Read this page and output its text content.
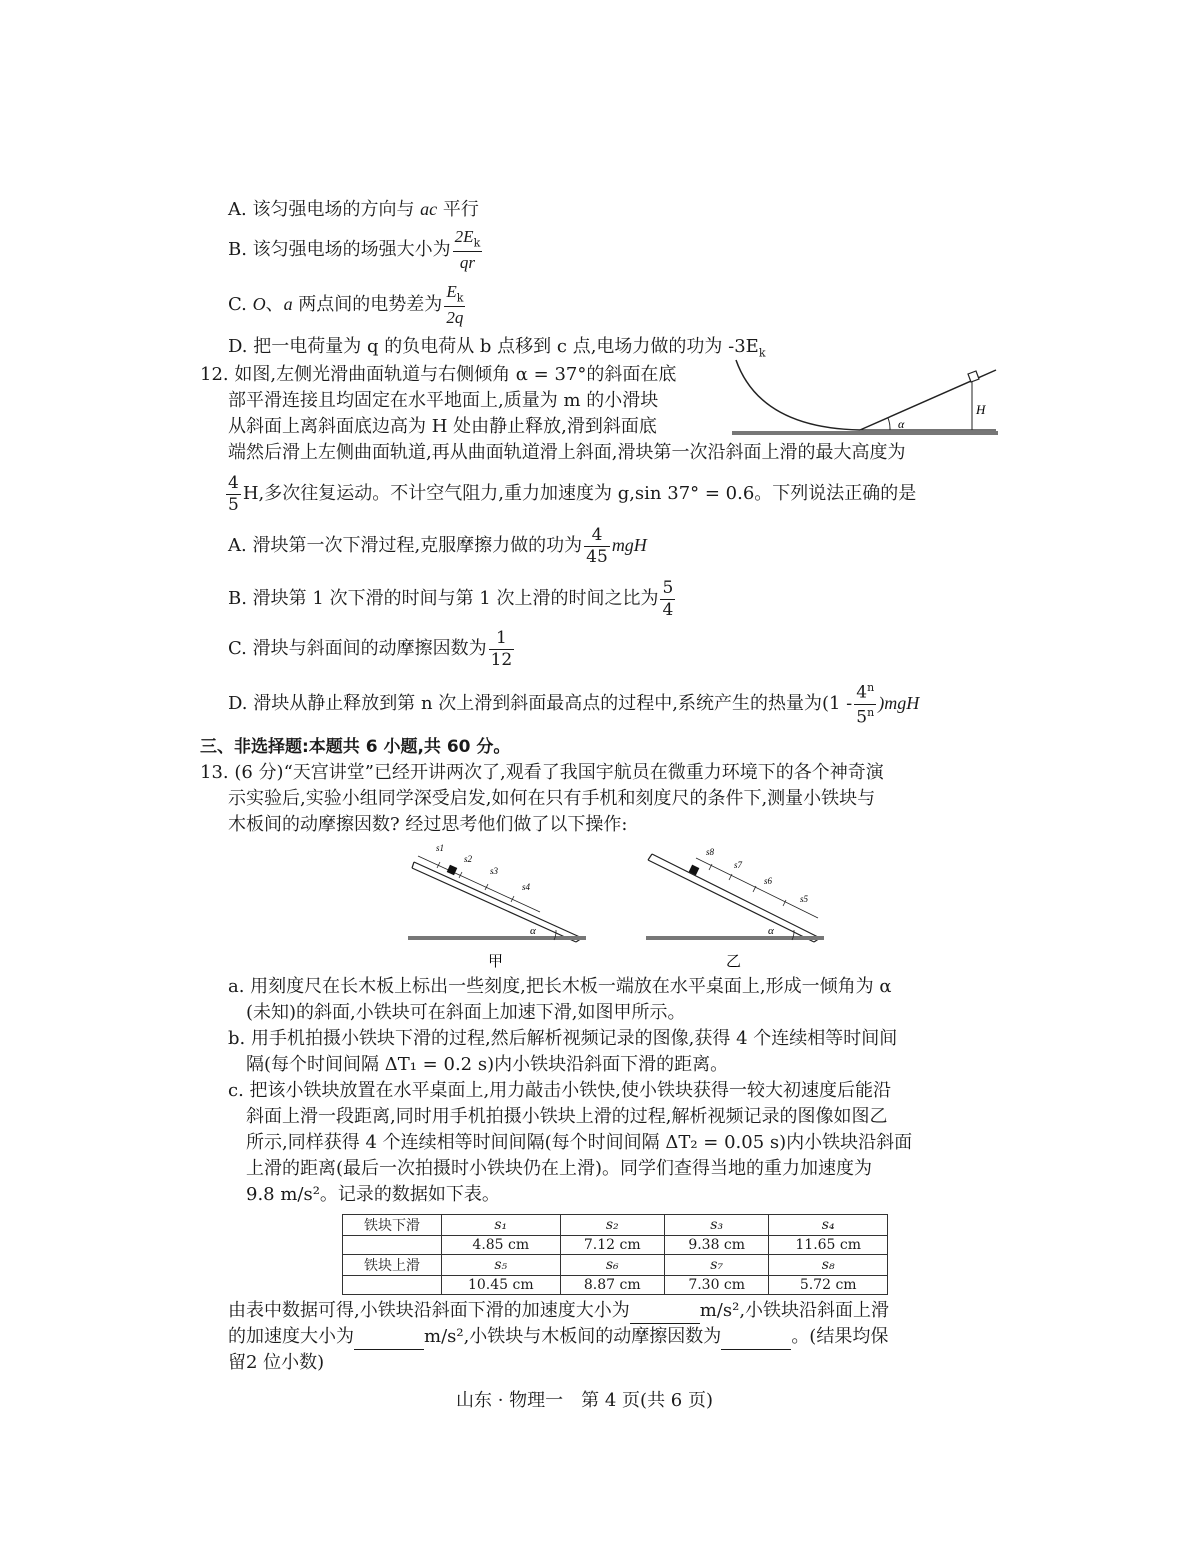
A. 该匀强电场的方向与 ac 平行
B. 该匀强电场的场强大小为 $\frac{2E_k}{qr}$
C. O、a 两点间的电势差为 $\frac{E_k}{2q}$
D. 把一电荷量为 q 的负电荷从 b 点移到 c 点,电场力做的功为 $-3E_k$
12. 如图,左侧光滑曲面轨道与右侧倾角 α = 37°的斜面在底
部平滑连接且均固定在水平地面上,质量为 m 的小滑块
从斜面上离斜面底边高为 H 处由静止释放,滑到斜面底
端然后滑上左侧曲面轨道,再从曲面轨道滑上斜面,滑块第一次沿斜面上滑的最大高度为
$\frac{4}{5} H$,多次往复运动。不计空气阻力,重力加速度为 g,sin 37° = 0.6。下列说法正确的是
H
α
A. 滑块第一次下滑过程,克服摩擦力做的功为 $\frac{4}{45}$ mgH
B. 滑块第 1 次下滑的时间与第 1 次上滑的时间之比为 $\frac{5}{4}$
C. 滑块与斜面间的动摩擦因数为 $\frac{1}{12}$
D. 滑块从静止释放到第 n 次上滑到斜面最高点的过程中,系统产生的热量为$(1 - \frac{4^n}{5^n} )mgH$
三、非选择题:本题共 6 小题,共 60 分。
13. (6 分)“天宫讲堂”已经开讲两次了,观看了我国宇航员在微重力环境下的各个神奇演
示实验后,实验小组同学深受启发,如何在只有手机和刻度尺的条件下,测量小铁块与
木板间的动摩擦因数? 经过思考他们做了以下操作:
s1
s2
s3
s4
α
甲
s8
s7
s6
s5
α
乙
a. 用刻度尺在长木板上标出一些刻度,把长木板一端放在水平桌面上,形成一倾角为 α
(未知)的斜面,小铁块可在斜面上加速下滑,如图甲所示。
b. 用手机拍摄小铁块下滑的过程,然后解析视频记录的图像,获得 4 个连续相等时间间
隔(每个时间间隔 ΔT₁ = 0.2 s)内小铁块沿斜面下滑的距离。
c. 把该小铁块放置在水平桌面上,用力敲击小铁快,使小铁块获得一较大初速度后能沿
斜面上滑一段距离,同时用手机拍摄小铁块上滑的过程,解析视频记录的图像如图乙
所示,同样获得 4 个连续相等时间间隔(每个时间间隔 ΔT₂ = 0.05 s)内小铁块沿斜面
上滑的距离(最后一次拍摄时小铁块仍在上滑)。同学们查得当地的重力加速度为
9.8 m/s²。记录的数据如下表。
铁块下滑	s₁	s₂	s₃	s₄
	4.85 cm	7.12 cm	9.38 cm	11.65 cm
铁块上滑	s₅	s₆	s₇	s₈
	10.45 cm	8.87 cm	7.30 cm	5.72 cm
由表中数据可得,小铁块沿斜面下滑的加速度大小为	m/s²,小铁块沿斜面上滑
的加速度大小为	m/s²,小铁块与木板间的动摩擦因数为	。(结果均保
留2 位小数)
山东 · 物理一　第 4 页(共 6 页)
